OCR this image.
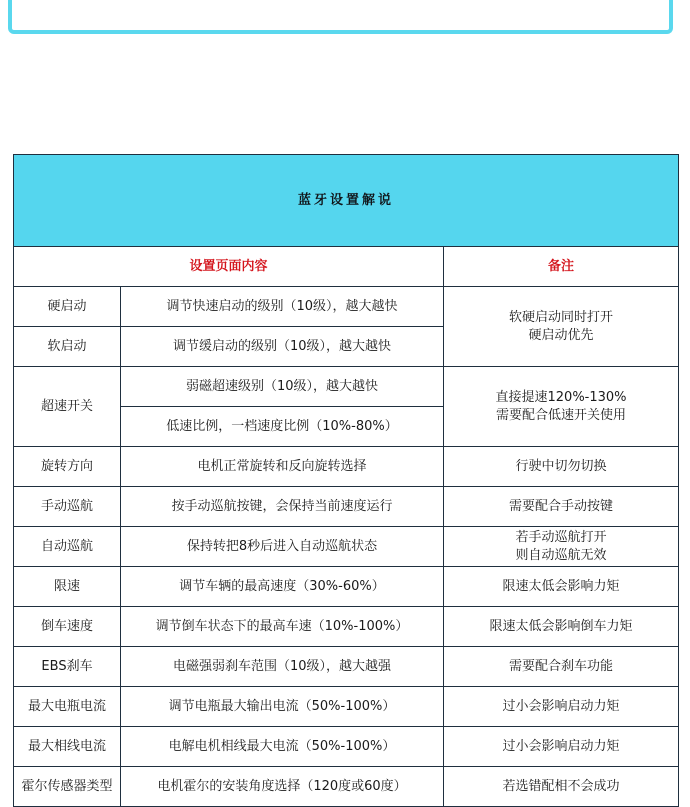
蓝牙设置解说		
设置页面内容		备注
硬启动	调节快速启动的级别（10级），越大越快	软硬启动同时打开
硬启动优先
软启动	调节缓启动的级别（10级），越大越快	
超速开关	弱磁超速级别（10级），越大越快	直接提速120%-130%
需要配合低速开关使用
	低速比例，一档速度比例（10%-80%）	
旋转方向	电机正常旋转和反向旋转选择	行驶中切勿切换
手动巡航	按手动巡航按键，会保持当前速度运行	需要配合手动按键
自动巡航	保持转把8秒后进入自动巡航状态	若手动巡航打开
则自动巡航无效
限速	调节车辆的最高速度（30%-60%）	限速太低会影响力矩
倒车速度	调节倒车状态下的最高车速（10%-100%）	限速太低会影响倒车力矩
EBS刹车	电磁强弱刹车范围（10级），越大越强	需要配合刹车功能
最大电瓶电流	调节电瓶最大输出电流（50%-100%）	过小会影响启动力矩
最大相线电流	电解电机相线最大电流（50%-100%）	过小会影响启动力矩
霍尔传感器类型	电机霍尔的安装角度选择（120度或60度）	若选错配相不会成功
